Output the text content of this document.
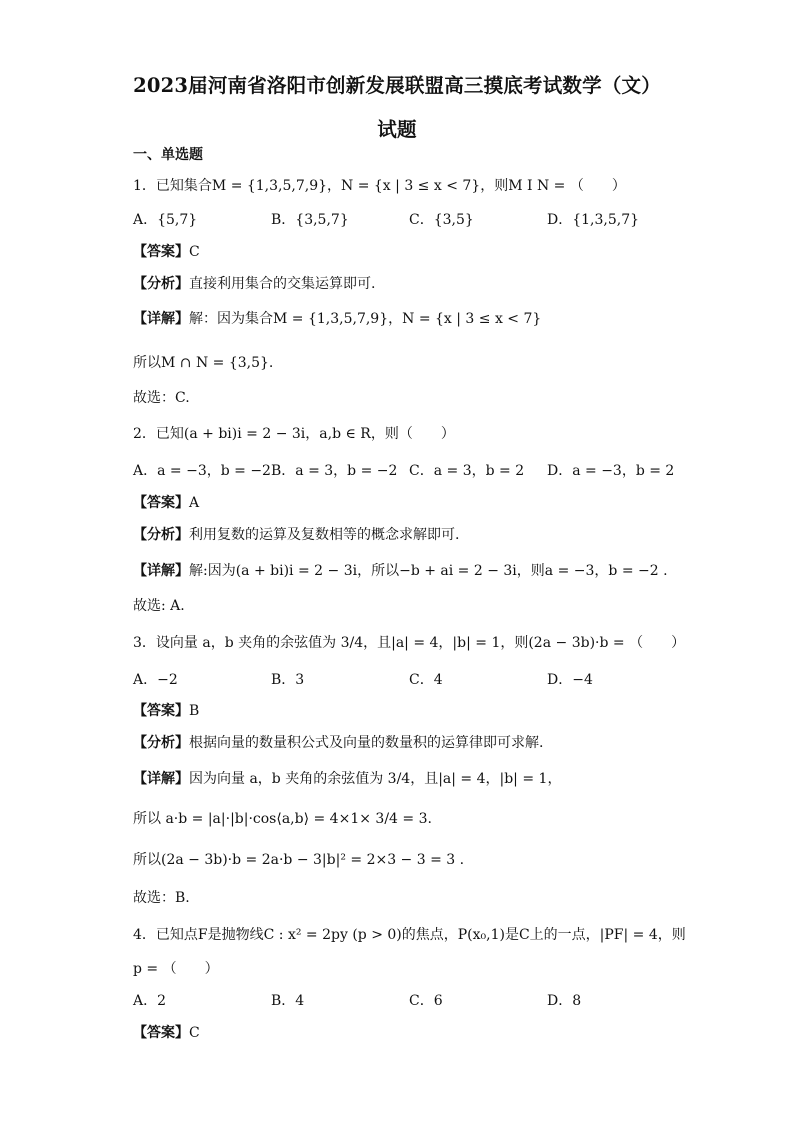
2023届河南省洛阳市创新发展联盟高三摸底考试数学（文）
试题
一、单选题
1．已知集合M = {1,3,5,7,9}，N = {x | 3 ≤ x < 7}，则M I N = （　　）
A．{5,7}	B．{3,5,7}	C．{3,5}	D．{1,3,5,7}
【答案】C
【分析】直接利用集合的交集运算即可.
【详解】解：因为集合M = {1,3,5,7,9}，N = {x | 3 ≤ x < 7}
所以M ∩ N = {3,5}.
故选：C.
2．已知(a + bi)i = 2 − 3i，a,b ∈ R，则（　　）
A．a = −3，b = −2 B．a = 3，b = −2 C．a = 3，b = 2 D．a = −3，b = 2
【答案】A
【分析】利用复数的运算及复数相等的概念求解即可.
【详解】解:因为(a + bi)i = 2 − 3i，所以−b + ai = 2 − 3i，则a = −3，b = −2 .
故选: A.
3．设向量 a，b 夹角的余弦值为 3/4，且|a| = 4，|b| = 1，则(2a − 3b)·b = （　　）
A．−2	B．3	C．4	D．−4
【答案】B
【分析】根据向量的数量积公式及向量的数量积的运算律即可求解.
【详解】因为向量 a，b 夹角的余弦值为 3/4，且|a| = 4，|b| = 1，
所以 a·b = |a|·|b|·cos⟨a,b⟩ = 4×1× 3/4 = 3.
所以(2a − 3b)·b = 2a·b − 3|b|² = 2×3 − 3 = 3 .
故选：B.
4．已知点F是抛物线C : x² = 2py (p > 0)的焦点，P(x₀,1)是C上的一点，|PF| = 4，则
p = （　　）
A．2	B．4	C．6	D．8
【答案】C
